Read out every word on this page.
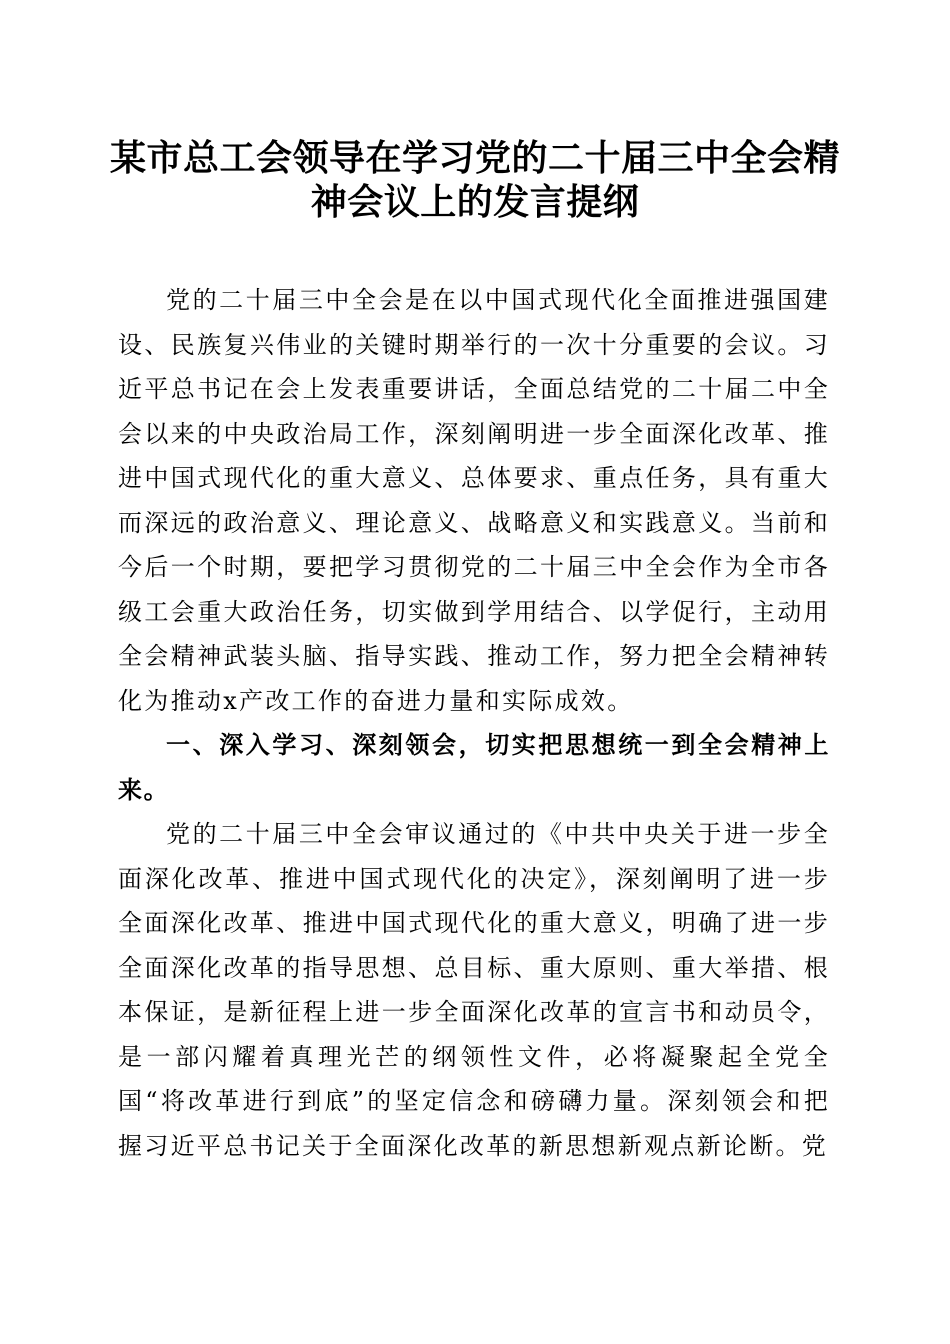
某市总工会领导在学习党的二十届三中全会精神会议上的发言提纲

党的二十届三中全会是在以中国式现代化全面推进强国建设、民族复兴伟业的关键时期举行的一次十分重要的会议。习近平总书记在会上发表重要讲话，全面总结党的二十届二中全会以来的中央政治局工作，深刻阐明进一步全面深化改革、推进中国式现代化的重大意义、总体要求、重点任务，具有重大而深远的政治意义、理论意义、战略意义和实践意义。当前和今后一个时期，要把学习贯彻党的二十届三中全会作为全市各级工会重大政治任务，切实做到学用结合、以学促行，主动用全会精神武装头脑、指导实践、推动工作，努力把全会精神转化为推动x产改工作的奋进力量和实际成效。

一、深入学习、深刻领会，切实把思想统一到全会精神上来。

党的二十届三中全会审议通过的《中共中央关于进一步全面深化改革、推进中国式现代化的决定》，深刻阐明了进一步全面深化改革、推进中国式现代化的重大意义，明确了进一步全面深化改革的指导思想、总目标、重大原则、重大举措、根本保证，是新征程上进一步全面深化改革的宣言书和动员令，是一部闪耀着真理光芒的纲领性文件，必将凝聚起全党全国“将改革进行到底”的坚定信念和磅礴力量。深刻领会和把握习近平总书记关于全面深化改革的新思想新观点新论断。党
